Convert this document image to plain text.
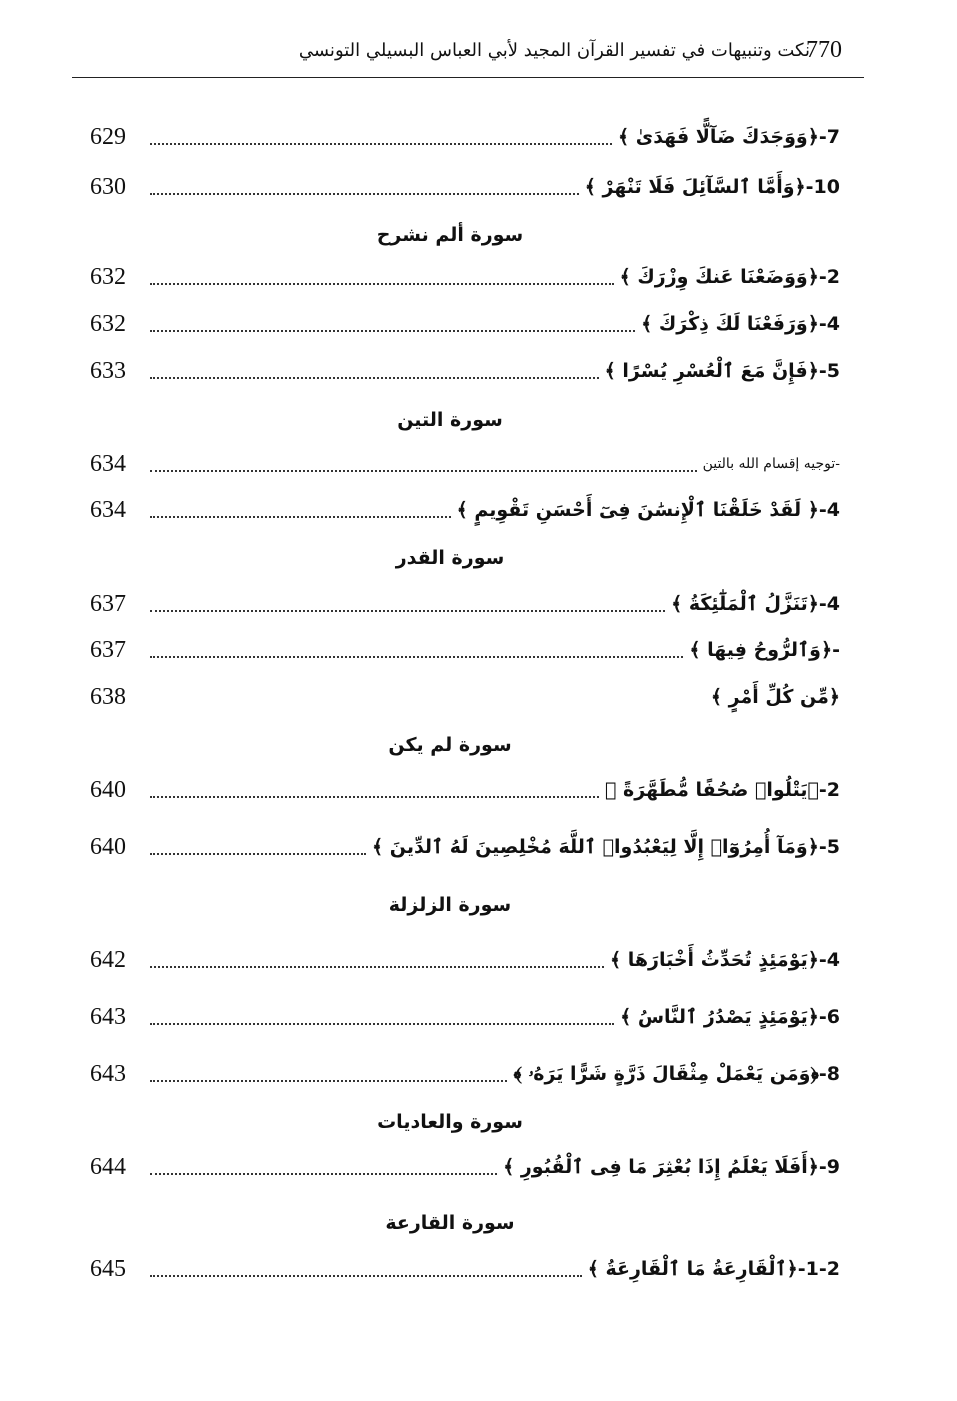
770
نكت وتنبيهات في تفسير القرآن المجيد لأبي العباس البسيلي التونسي
629	7-﴿وَوَجَدَكَ ضَآلًّا فَهَدَىٰ ﴾
630	10-﴿وَأَمَّا ٱلسَّآئِلَ فَلَا تَنْهَرْ ﴾
سورة ألم نشرح
632	2-﴿وَوَضَعْنَا عَنكَ وِزْرَكَ ﴾
632	4-﴿وَرَفَعْنَا لَكَ ذِكْرَكَ ﴾
633	5-﴿فَإِنَّ مَعَ ٱلْعُسْرِ يُسْرًا ﴾
سورة التين
634	-توجيه إقسام الله بالتين
634	4-﴿ لَقَدْ خَلَقْنَا ٱلْإِنسَٰنَ فِىٓ أَحْسَنِ تَقْوِيمٍ ﴾
سورة القدر
637	4-﴿تَنَزَّلُ ٱلْمَلَٰٓئِكَةُ ﴾
637	-﴿وَٱلرُّوحُ فِيهَا ﴾
638	﴿مِّن كُلِّ أَمْرٍ ﴾
سورة لم يكن
640	2-﴿يَتْلُوا۟ صُحُفًا مُّطَهَّرَةً ﴾
640	5-﴿وَمَآ أُمِرُوٓا۟ إِلَّا لِيَعْبُدُوا۟ ٱللَّهَ مُخْلِصِينَ لَهُ ٱلدِّينَ ﴾
سورة الزلزلة
642	4-﴿يَوْمَئِذٍ تُحَدِّثُ أَخْبَارَهَا ﴾
643	6-﴿يَوْمَئِذٍ يَصْدُرُ ٱلنَّاسُ ﴾
643	8-﴿وَمَن يَعْمَلْ مِثْقَالَ ذَرَّةٍ شَرًّا يَرَهُۥ ﴾
سورة والعاديات
644	9-﴿أَفَلَا يَعْلَمُ إِذَا بُعْثِرَ مَا فِى ٱلْقُبُورِ ﴾
سورة القارعة
645	1-2-﴿ٱلْقَارِعَةُ مَا ٱلْقَارِعَةُ ﴾
